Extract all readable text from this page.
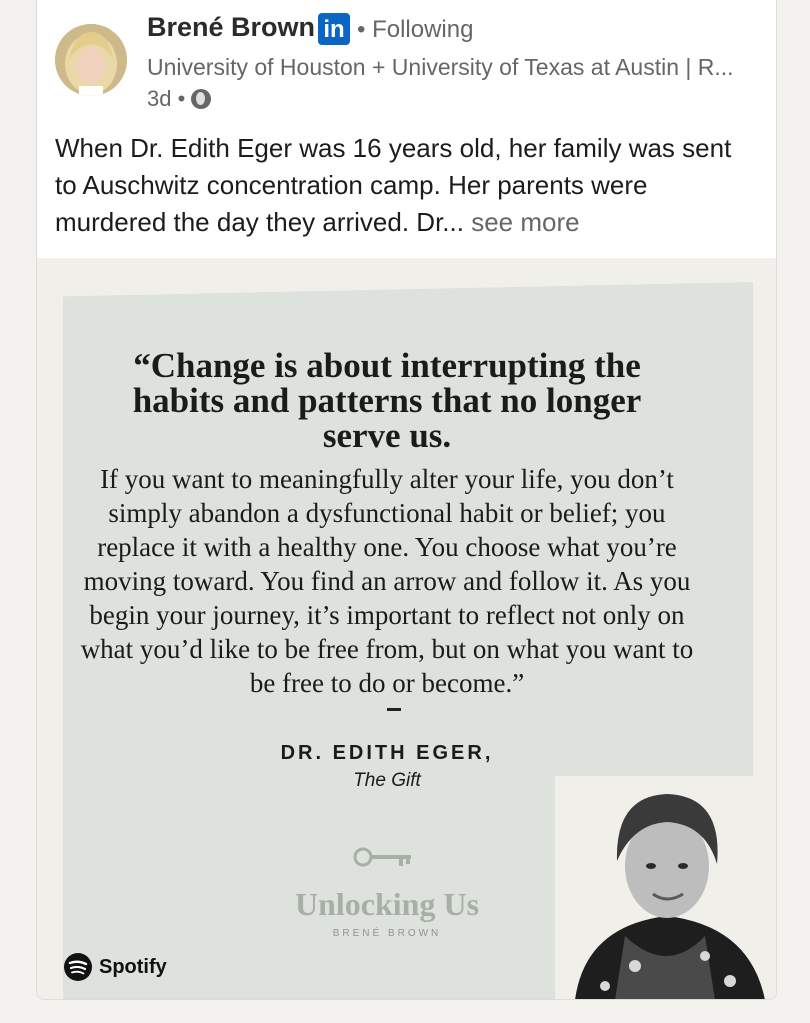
Brené Brown in • Following
University of Houston + University of Texas at Austin | R...
3d •
When Dr. Edith Eger was 16 years old, her family was sent to Auschwitz concentration camp. Her parents were murdered the day they arrived. Dr... see more
“Change is about interrupting the habits and patterns that no longer serve us.
If you want to meaningfully alter your life, you don’t simply abandon a dysfunctional habit or belief; you replace it with a healthy one. You choose what you’re moving toward. You find an arrow and follow it. As you begin your journey, it’s important to reflect not only on what you’d like to be free from, but on what you want to be free to do or become.”
DR. EDITH EGER,
The Gift
Unlocking Us
BRENÉ BROWN
Spotify
